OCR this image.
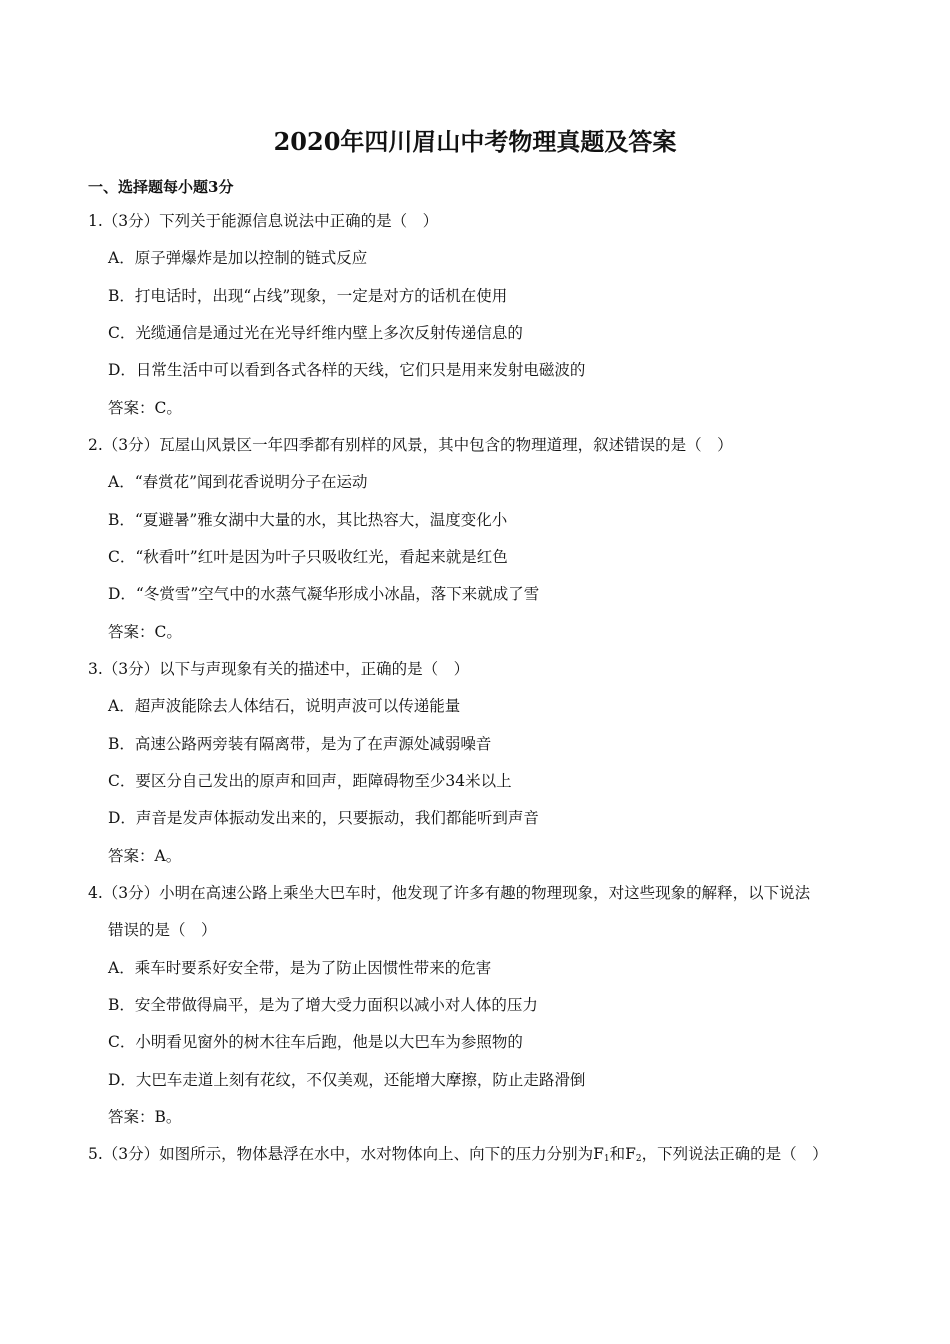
2020年四川眉山中考物理真题及答案
一、选择题每小题3分
1.（3分）下列关于能源信息说法中正确的是（　）
A．原子弹爆炸是加以控制的链式反应
B．打电话时，出现“占线”现象，一定是对方的话机在使用
C．光缆通信是通过光在光导纤维内壁上多次反射传递信息的
D．日常生活中可以看到各式各样的天线，它们只是用来发射电磁波的
答案：C。
2.（3分）瓦屋山风景区一年四季都有别样的风景，其中包含的物理道理，叙述错误的是（　）
A．“春赏花”闻到花香说明分子在运动
B．“夏避暑”雅女湖中大量的水，其比热容大，温度变化小
C．“秋看叶”红叶是因为叶子只吸收红光，看起来就是红色
D．“冬赏雪”空气中的水蒸气凝华形成小冰晶，落下来就成了雪
答案：C。
3.（3分）以下与声现象有关的描述中，正确的是（　）
A．超声波能除去人体结石，说明声波可以传递能量
B．高速公路两旁装有隔离带，是为了在声源处减弱噪音
C．要区分自己发出的原声和回声，距障碍物至少34米以上
D．声音是发声体振动发出来的，只要振动，我们都能听到声音
答案：A。
4.（3分）小明在高速公路上乘坐大巴车时，他发现了许多有趣的物理现象，对这些现象的解释，以下说法
错误的是（　）
A．乘车时要系好安全带，是为了防止因惯性带来的危害
B．安全带做得扁平，是为了增大受力面积以减小对人体的压力
C．小明看见窗外的树木往车后跑，他是以大巴车为参照物的
D．大巴车走道上刻有花纹，不仅美观，还能增大摩擦，防止走路滑倒
答案：B。
5.（3分）如图所示，物体悬浮在水中，水对物体向上、向下的压力分别为$F_1$和$F_2$，下列说法正确的是（　）
